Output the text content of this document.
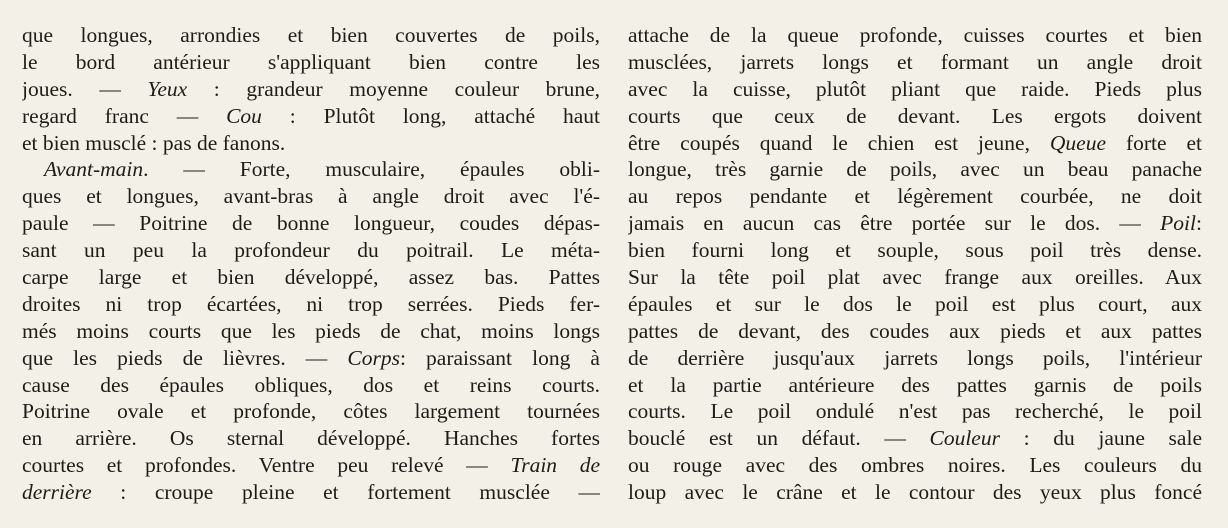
que longues, arrondies et bien couvertes de poils,
le bord antérieur s'appliquant bien contre les
joues. — Yeux : grandeur moyenne couleur brune,
regard franc — Cou : Plutôt long, attaché haut
et bien musclé : pas de fanons.
Avant-main. — Forte, musculaire, épaules obli-
ques et longues, avant-bras à angle droit avec l'é-
paule — Poitrine de bonne longueur, coudes dépas-
sant un peu la profondeur du poitrail. Le méta-
carpe large et bien développé, assez bas. Pattes
droites ni trop écartées, ni trop serrées. Pieds fer-
més moins courts que les pieds de chat, moins longs
que les pieds de lièvres. — Corps: paraissant long à
cause des épaules obliques, dos et reins courts.
Poitrine ovale et profonde, côtes largement tournées
en arrière. Os sternal développé. Hanches fortes
courtes et profondes. Ventre peu relevé — Train de
derrière : croupe pleine et fortement musclée —
attache de la queue profonde, cuisses courtes et bien
musclées, jarrets longs et formant un angle droit
avec la cuisse, plutôt pliant que raide. Pieds plus
courts que ceux de devant. Les ergots doivent
être coupés quand le chien est jeune, Queue forte et
longue, très garnie de poils, avec un beau panache
au repos pendante et légèrement courbée, ne doit
jamais en aucun cas être portée sur le dos. — Poil:
bien fourni long et souple, sous poil très dense.
Sur la tête poil plat avec frange aux oreilles. Aux
épaules et sur le dos le poil est plus court, aux
pattes de devant, des coudes aux pieds et aux pattes
de derrière jusqu'aux jarrets longs poils, l'intérieur
et la partie antérieure des pattes garnis de poils
courts. Le poil ondulé n'est pas recherché, le poil
bouclé est un défaut. — Couleur : du jaune sale
ou rouge avec des ombres noires. Les couleurs du
loup avec le crâne et le contour des yeux plus foncé
